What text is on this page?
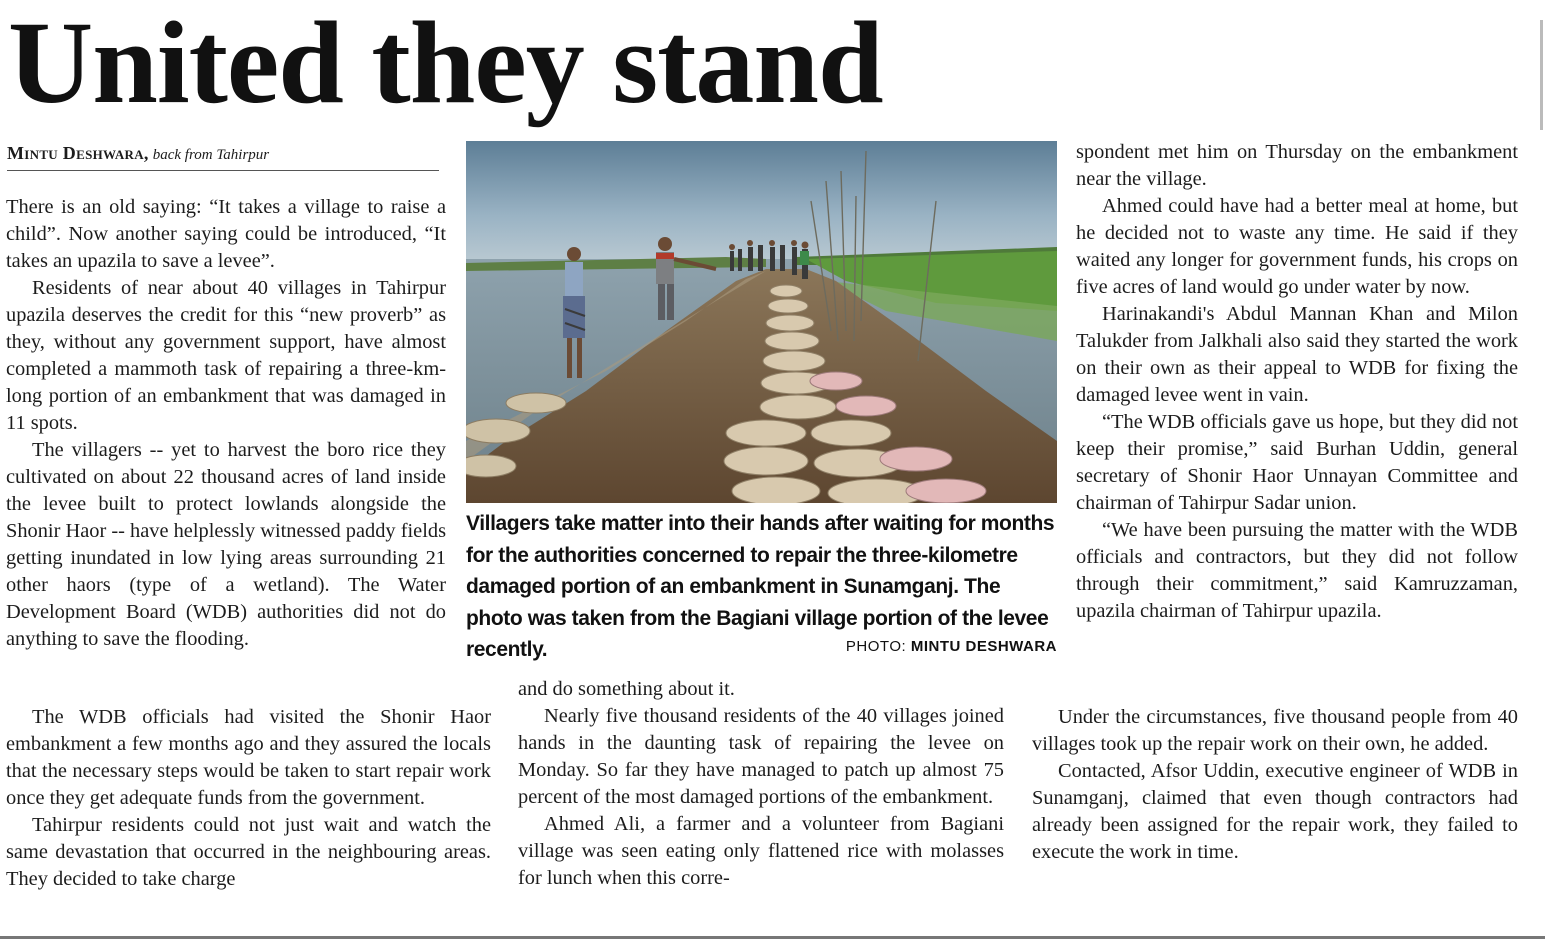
United they stand
Mintu Deshwara, back from Tahirpur

There is an old saying: “It takes a village to raise a child”. Now another saying could be introduced, “It takes an upazila to save a levee”.

Residents of near about 40 villages in Tahirpur upazila deserves the credit for this “new proverb” as they, without any government support, have almost completed a mammoth task of repairing a three-km-long portion of an embankment that was damaged in 11 spots.

The villagers -- yet to harvest the boro rice they cultivated on about 22 thousand acres of land inside the levee built to protect lowlands alongside the Shonir Haor -- have helplessly witnessed paddy fields getting inundated in low lying areas surrounding 21 other haors (type of a wetland). The Water Development Board (WDB) authorities did not do anything to save the flooding.

The WDB officials had visited the Shonir Haor embankment a few months ago and they assured the locals that the necessary steps would be taken to start repair work once they get adequate funds from the government.

Tahirpur residents could not just wait and watch the same devastation that occurred in the neighbouring areas. They decided to take charge

and do something about it.

Nearly five thousand residents of the 40 villages joined hands in the daunting task of repairing the levee on Monday. So far they have managed to patch up almost 75 percent of the most damaged portions of the embankment.

Ahmed Ali, a farmer and a volunteer from Bagiani village was seen eating only flattened rice with molasses for lunch when this corre-

spondent met him on Thursday on the embankment near the village.

Ahmed could have had a better meal at home, but he decided not to waste any time. He said if they waited any longer for government funds, his crops on five acres of land would go under water by now.

Harinakandi's Abdul Mannan Khan and Milon Talukder from Jalkhali also said they started the work on their own as their appeal to WDB for fixing the damaged levee went in vain.

“The WDB officials gave us hope, but they did not keep their promise,” said Burhan Uddin, general secretary of Shonir Haor Unnayan Committee and chairman of Tahirpur Sadar union.

“We have been pursuing the matter with the WDB officials and contractors, but they did not follow through their commitment,” said Kamruzzaman, upazila chairman of Tahirpur upazila.

Under the circumstances, five thousand people from 40 villages took up the repair work on their own, he added.

Contacted, Afsor Uddin, executive engineer of WDB in Sunamganj, claimed that even though contractors had already been assigned for the repair work, they failed to execute the work in time.

Villagers take matter into their hands after waiting for months for the authorities concerned to repair the three-kilometre damaged portion of an embankment in Sunamganj. The photo was taken from the Bagiani village portion of the levee recently.	PHOTO: MINTU DESHWARA
